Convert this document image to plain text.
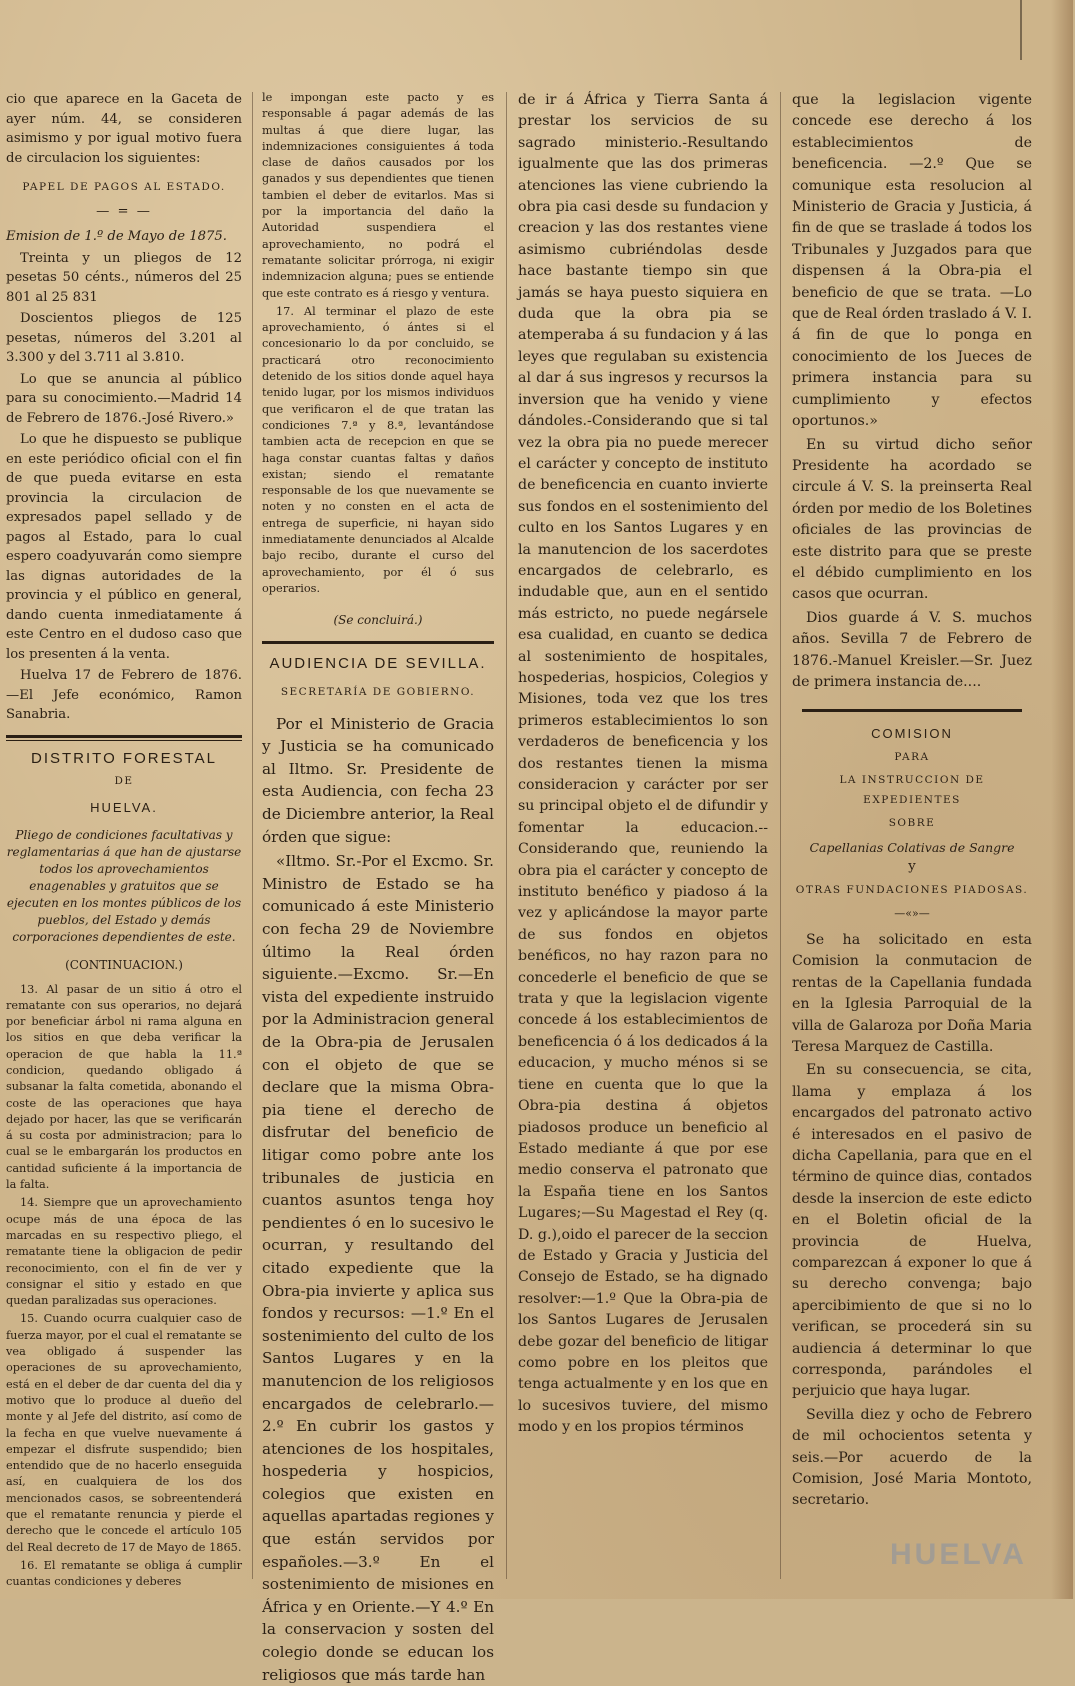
cio que aparece en la Gaceta de ayer núm. 44, se consideren asimismo y por igual motivo fuera de circulacion los siguientes:

PAPEL DE PAGOS AL ESTADO.
— = —

Emision de 1.º de Mayo de 1875.

Treinta y un pliegos de 12 pesetas 50 cénts., números del 25 801 al 25 831

Doscientos pliegos de 125 pesetas, números del 3.201 al 3.300 y del 3.711 al 3.810.

Lo que se anuncia al público para su conocimiento.—Madrid 14 de Febrero de 1876.-José Rivero.»

Lo que he dispuesto se publique en este periódico oficial con el fin de que pueda evitarse en esta provincia la circulacion de expresados papel sellado y de pagos al Estado, para lo cual espero coadyuvarán como siempre las dignas autoridades de la provincia y el público en general, dando cuenta inmediatamente á este Centro en el dudoso caso que los presenten á la venta.

Huelva 17 de Febrero de 1876. —El Jefe económico, Ramon Sanabria.

DISTRITO FORESTAL
DE
HUELVA.
Pliego de condiciones facultativas y reglamentarias á que han de ajustarse todos los aprovechamientos enagenables y gratuitos que se ejecuten en los montes públicos de los pueblos, del Estado y demás corporaciones dependientes de este.
(CONTINUACION.)

13. Al pasar de un sitio á otro el rematante con sus operarios, no dejará por beneficiar árbol ni rama alguna en los sitios en que deba verificar la operacion de que habla la 11.ª condicion, quedando obligado á subsanar la falta cometida, abonando el coste de las operaciones que haya dejado por hacer, las que se verificarán á su costa por administracion; para lo cual se le embargarán los productos en cantidad suficiente á la importancia de la falta.

14. Siempre que un aprovechamiento ocupe más de una época de las marcadas en su respectivo pliego, el rematante tiene la obligacion de pedir reconocimiento, con el fin de ver y consignar el sitio y estado en que quedan paralizadas sus operaciones.

15. Cuando ocurra cualquier caso de fuerza mayor, por el cual el rematante se vea obligado á suspender las operaciones de su aprovechamiento, está en el deber de dar cuenta del dia y motivo que lo produce al dueño del monte y al Jefe del distrito, así como de la fecha en que vuelve nuevamente á empezar el disfrute suspendido; bien entendido que de no hacerlo enseguida así, en cualquiera de los dos mencionados casos, se sobreentenderá que el rematante renuncia y pierde el derecho que le concede el artículo 105 del Real decreto de 17 de Mayo de 1865.

16. El rematante se obliga á cumplir cuantas condiciones y deberes

le impongan este pacto y es responsable á pagar además de las multas á que diere lugar, las indemnizaciones consiguientes á toda clase de daños causados por los ganados y sus dependientes que tienen tambien el deber de evitarlos. Mas si por la importancia del daño la Autoridad suspendiera el aprovechamiento, no podrá el rematante solicitar prórroga, ni exigir indemnizacion alguna; pues se entiende que este contrato es á riesgo y ventura.

17. Al terminar el plazo de este aprovechamiento, ó ántes si el concesionario lo da por concluido, se practicará otro reconocimiento detenido de los sitios donde aquel haya tenido lugar, por los mismos individuos que verificaron el de que tratan las condiciones 7.ª y 8.ª, levantándose tambien acta de recepcion en que se haga constar cuantas faltas y daños existan; siendo el rematante responsable de los que nuevamente se noten y no consten en el acta de entrega de superficie, ni hayan sido inmediatamente denunciados al Alcalde bajo recibo, durante el curso del aprovechamiento, por él ó sus operarios.

(Se concluirá.)
AUDIENCIA DE SEVILLA.
SECRETARÍA DE GOBIERNO.

Por el Ministerio de Gracia y Justicia se ha comunicado al Iltmo. Sr. Presidente de esta Audiencia, con fecha 23 de Diciembre anterior, la Real órden que sigue:

«Iltmo. Sr.-Por el Excmo. Sr. Ministro de Estado se ha comunicado á este Ministerio con fecha 29 de Noviembre último la Real órden siguiente.—Excmo. Sr.—En vista del expediente instruido por la Administracion general de la Obra-pia de Jerusalen con el objeto de que se declare que la misma Obra-pia tiene el derecho de disfrutar del beneficio de litigar como pobre ante los tribunales de justicia en cuantos asuntos tenga hoy pendientes ó en lo sucesivo le ocurran, y resultando del citado expediente que la Obra-pia invierte y aplica sus fondos y recursos: —1.º En el sostenimiento del culto de los Santos Lugares y en la manutencion de los religiosos encargados de celebrarlo.—2.º En cubrir los gastos y atenciones de los hospitales, hospederia y hospicios, colegios que existen en aquellas apartadas regiones y que están servidos por españoles.—3.º En el sostenimiento de misiones en África y en Oriente.—Y 4.º En la conservacion y sosten del colegio donde se educan los religiosos que más tarde han

de ir á África y Tierra Santa á prestar los servicios de su sagrado ministerio.-Resultando igualmente que las dos primeras atenciones las viene cubriendo la obra pia casi desde su fundacion y creacion y las dos restantes viene asimismo cubriéndolas desde hace bastante tiempo sin que jamás se haya puesto siquiera en duda que la obra pia se atemperaba á su fundacion y á las leyes que regulaban su existencia al dar á sus ingresos y recursos la inversion que ha venido y viene dándoles.-Considerando que si tal vez la obra pia no puede merecer el carácter y concepto de instituto de beneficencia en cuanto invierte sus fondos en el sostenimiento del culto en los Santos Lugares y en la manutencion de los sacerdotes encargados de celebrarlo, es indudable que, aun en el sentido más estricto, no puede negársele esa cualidad, en cuanto se dedica al sostenimiento de hospitales, hospederias, hospicios, Colegios y Misiones, toda vez que los tres primeros establecimientos lo son verdaderos de beneficencia y los dos restantes tienen la misma consideracion y carácter por ser su principal objeto el de difundir y fomentar la educacion.--Considerando que, reuniendo la obra pia el carácter y concepto de instituto benéfico y piadoso á la vez y aplicándose la mayor parte de sus fondos en objetos benéficos, no hay razon para no concederle el beneficio de que se trata y que la legislacion vigente concede á los establecimientos de beneficencia ó á los dedicados á la educacion, y mucho ménos si se tiene en cuenta que lo que la Obra-pia destina á objetos piadosos produce un beneficio al Estado mediante á que por ese medio conserva el patronato que la España tiene en los Santos Lugares;—Su Magestad el Rey (q. D. g.),oido el parecer de la seccion de Estado y Gracia y Justicia del Consejo de Estado, se ha dignado resolver:—1.º Que la Obra-pia de los Santos Lugares de Jerusalen debe gozar del beneficio de litigar como pobre en los pleitos que tenga actualmente y en los que en lo sucesivos tuviere, del mismo modo y en los propios términos

que la legislacion vigente concede ese derecho á los establecimientos de beneficencia. —2.º Que se comunique esta resolucion al Ministerio de Gracia y Justicia, á fin de que se traslade á todos los Tribunales y Juzgados para que dispensen á la Obra-pia el beneficio de que se trata. —Lo que de Real órden traslado á V. I. á fin de que lo ponga en conocimiento de los Jueces de primera instancia para su cumplimiento y efectos oportunos.»

En su virtud dicho señor Presidente ha acordado se circule á V. S. la preinserta Real órden por medio de los Boletines oficiales de las provincias de este distrito para que se preste el débido cumplimiento en los casos que ocurran.

Dios guarde á V. S. muchos años. Sevilla 7 de Febrero de 1876.-Manuel Kreisler.—Sr. Juez de primera instancia de....

COMISION
PARA
LA INSTRUCCION DE EXPEDIENTES
SOBRE
Capellanias Colativas de Sangre
y
OTRAS FUNDACIONES PIADOSAS.
—«»—

Se ha solicitado en esta Comision la conmutacion de rentas de la Capellania fundada en la Iglesia Parroquial de la villa de Galaroza por Doña Maria Teresa Marquez de Castilla.

En su consecuencia, se cita, llama y emplaza á los encargados del patronato activo é interesados en el pasivo de dicha Capellania, para que en el término de quince dias, contados desde la insercion de este edicto en el Boletin oficial de la provincia de Huelva, comparezcan á exponer lo que á su derecho convenga; bajo apercibimiento de que si no lo verifican, se procederá sin su audiencia á determinar lo que corresponda, parándoles el perjuicio que haya lugar.

Sevilla diez y ocho de Febrero de mil ochocientos setenta y seis.—Por acuerdo de la Comision, José Maria Montoto, secretario.

HUELVA
